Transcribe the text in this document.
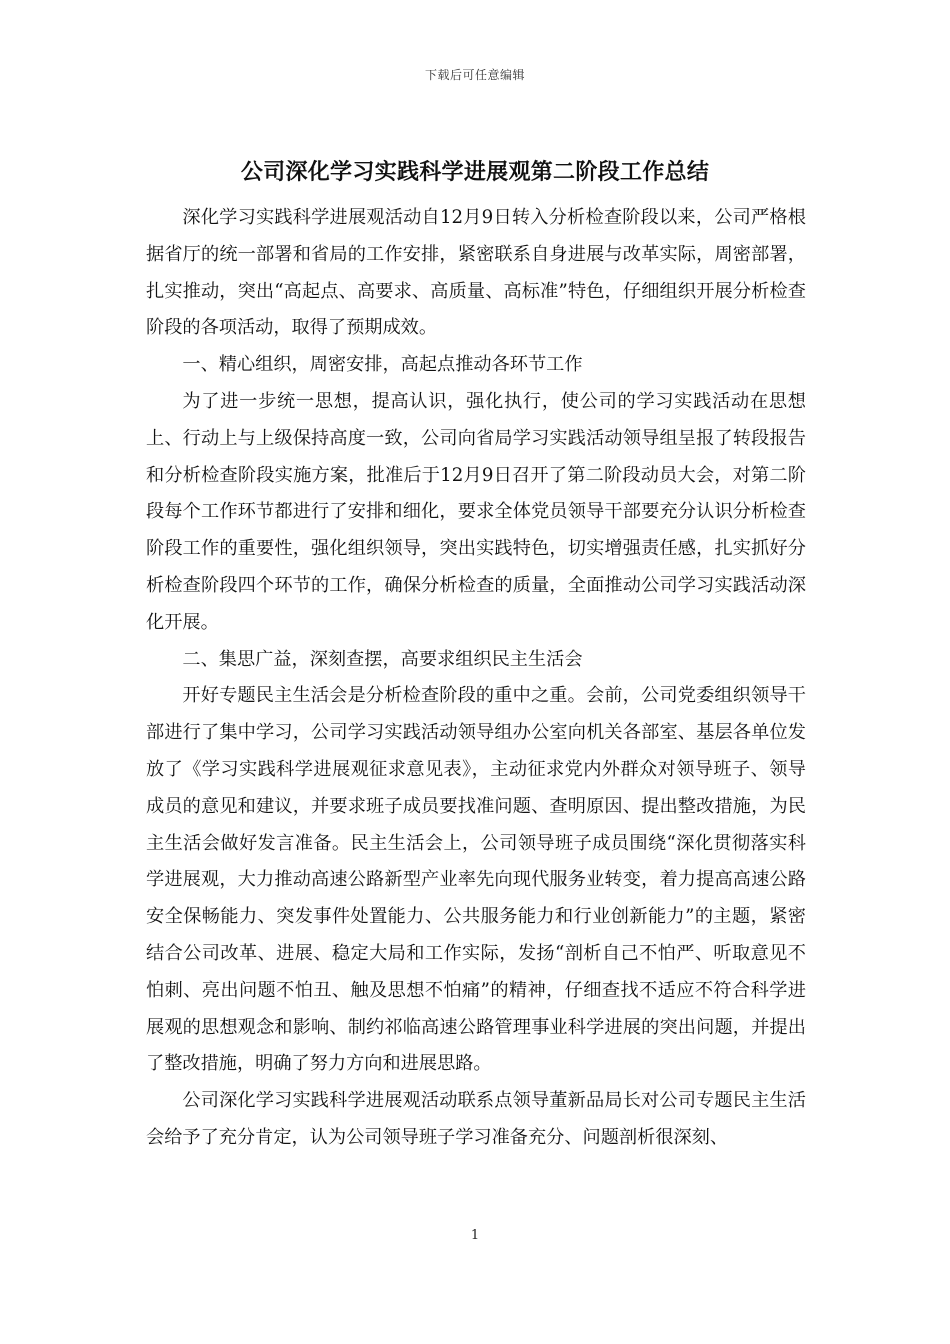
下载后可任意编辑
公司深化学习实践科学进展观第二阶段工作总结

深化学习实践科学进展观活动自12月9日转入分析检查阶段以来，公司严格根据省厅的统一部署和省局的工作安排，紧密联系自身进展与改革实际，周密部署，扎实推动，突出“高起点、高要求、高质量、高标准”特色，仔细组织开展分析检查阶段的各项活动，取得了预期成效。

一、精心组织，周密安排，高起点推动各环节工作

为了进一步统一思想，提高认识，强化执行，使公司的学习实践活动在思想上、行动上与上级保持高度一致，公司向省局学习实践活动领导组呈报了转段报告和分析检查阶段实施方案，批准后于12月9日召开了第二阶段动员大会，对第二阶段每个工作环节都进行了安排和细化，要求全体党员领导干部要充分认识分析检查阶段工作的重要性，强化组织领导，突出实践特色，切实增强责任感，扎实抓好分析检查阶段四个环节的工作，确保分析检查的质量，全面推动公司学习实践活动深化开展。

二、集思广益，深刻查摆，高要求组织民主生活会

开好专题民主生活会是分析检查阶段的重中之重。会前，公司党委组织领导干部进行了集中学习，公司学习实践活动领导组办公室向机关各部室、基层各单位发放了《学习实践科学进展观征求意见表》，主动征求党内外群众对领导班子、领导成员的意见和建议，并要求班子成员要找准问题、查明原因、提出整改措施，为民主生活会做好发言准备。民主生活会上，公司领导班子成员围绕“深化贯彻落实科学进展观，大力推动高速公路新型产业率先向现代服务业转变，着力提高高速公路安全保畅能力、突发事件处置能力、公共服务能力和行业创新能力”的主题，紧密结合公司改革、进展、稳定大局和工作实际，发扬“剖析自己不怕严、听取意见不怕刺、亮出问题不怕丑、触及思想不怕痛”的精神，仔细查找不适应不符合科学进展观的思想观念和影响、制约祁临高速公路管理事业科学进展的突出问题，并提出了整改措施，明确了努力方向和进展思路。

公司深化学习实践科学进展观活动联系点领导董新品局长对公司专题民主生活会给予了充分肯定，认为公司领导班子学习准备充分、问题剖析很深刻、

1
